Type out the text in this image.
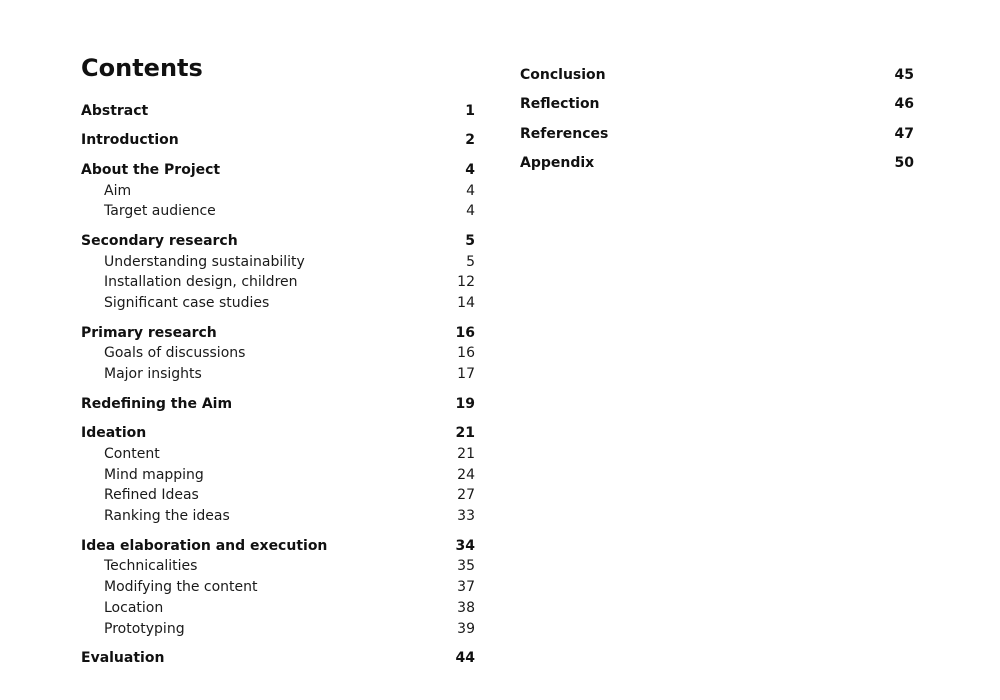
Contents
Abstract	1
Introduction	2
About the Project	4
Aim	4
Target audience	4
Secondary research	5
Understanding sustainability	5
Installation design, children	12
Significant case studies	14
Primary research	16
Goals of discussions	16
Major insights	17
Redefining the Aim	19
Ideation	21
Content	21
Mind mapping	24
Refined Ideas	27
Ranking the ideas	33
Idea elaboration and execution	34
Technicalities	35
Modifying the content	37
Location	38
Prototyping	39
Evaluation	44
Conclusion	45
Reflection	46
References	47
Appendix	50
